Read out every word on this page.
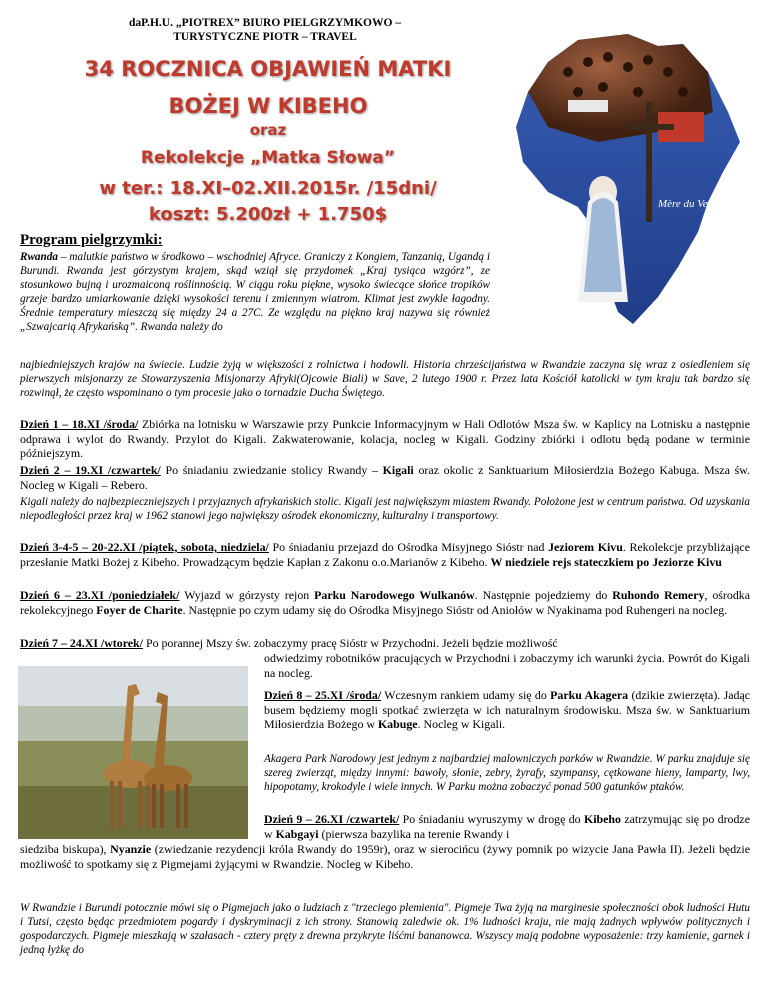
daP.H.U. „PIOTREX” BIURO PIELGRZYMKOWO –
TURYSTYCZNE PIOTR – TRAVEL
34 ROCZNICA OBJAWIEŃ MATKI
BOŻEJ W KIBEHO
oraz
Rekolekcje „Matka Słowa”
w ter.: 18.XI–02.XII.2015r. /15dni/
koszt: 5.200zł + 1.750$	Mère du Verbe
Program pielgrzymki:
Rwanda – malutkie państwo w środkowo – wschodniej Afryce. Graniczy z Kongiem, Tanzanią, Ugandą i Burundi. Rwanda jest górzystym krajem, skąd wziął się przydomek „Kraj tysiąca wzgórz”, ze stosunkowo bujną i urozmaiconą roślinnością. W ciągu roku piękne, wysoko świecące słońce tropików grzeje bardzo umiarkowanie dzięki wysokości terenu i zmiennym wiatrom. Klimat jest zwykle łagodny. Średnie temperatury mieszczą się między 24 a 27C. Ze względu na piękno kraj nazywa się również „Szwajcarią Afrykańską”. Rwanda należy do
najbiedniejszych krajów na świecie. Ludzie żyją w większości z rolnictwa i hodowli. Historia chrześcijaństwa w Rwandzie zaczyna się wraz z osiedleniem się pierwszych misjonarzy ze Stowarzyszenia Misjonarzy Afryki(Ojcowie Biali) w Save, 2 lutego 1900 r. Przez lata Kościół katolicki w tym kraju tak bardzo się rozwinął, że często wspominano o tym procesie jako o tornadzie Ducha Świętego.
Dzień 1 – 18.XI /środa/ Zbiórka na lotnisku w Warszawie przy Punkcie Informacyjnym w Hali Odlotów Msza św. w Kaplicy na Lotnisku a następnie odprawa i wylot do Rwandy. Przylot do Kigali. Zakwaterowanie, kolacja, nocleg w Kigali. Godziny zbiórki i odlotu będą podane w terminie późniejszym.
Dzień 2 – 19.XI /czwartek/ Po śniadaniu zwiedzanie stolicy Rwandy – Kigali oraz okolic z Sanktuarium Miłosierdzia Bożego Kabuga. Msza św. Nocleg w Kigali – Rebero.
Kigali należy do najbezpieczniejszych i przyjaznych afrykańskich stolic. Kigali jest największym miastem Rwandy. Położone jest w centrum państwa. Od uzyskania niepodległości przez kraj w 1962 stanowi jego największy ośrodek ekonomiczny, kulturalny i transportowy.
Dzień 3-4-5 – 20-22.XI /piątek, sobota, niedziela/ Po śniadaniu przejazd do Ośrodka Misyjnego Sióstr nad Jeziorem Kivu. Rekolekcje przybliżające przesłanie Matki Bożej z Kibeho. Prowadzącym będzie Kapłan z Zakonu o.o.Marianów z Kibeho. W niedziele rejs stateczkiem po Jeziorze Kivu
Dzień 6 – 23.XI /poniedziałek/ Wyjazd w górzysty rejon Parku Narodowego Wulkanów. Następnie pojedziemy do Ruhondo Remery, ośrodka rekolekcyjnego Foyer de Charite. Następnie po czym udamy się do Ośrodka Misyjnego Sióstr od Aniołów w Nyakinama pod Ruhengeri na nocleg.
Dzień 7 – 24.XI /wtorek/ Po porannej Mszy św. zobaczymy pracę Sióstr w Przychodni. Jeżeli będzie możliwość
odwiedzimy robotników pracujących w Przychodni i zobaczymy ich warunki życia. Powrót do Kigali na nocleg.
Dzień 8 – 25.XI /środa/ Wczesnym rankiem udamy się do Parku Akagera (dzikie zwierzęta). Jadąc busem będziemy mogli spotkać zwierzęta w ich naturalnym środowisku. Msza św. w Sanktuarium Miłosierdzia Bożego w Kabuge. Nocleg w Kigali.
Akagera Park Narodowy jest jednym z najbardziej malowniczych parków w Rwandzie. W parku znajduje się szereg zwierząt, między innymi: bawoły, słonie, zebry, żyrafy, szympansy, cętkowane hieny, lamparty, lwy, hipopotamy, krokodyle i wiele innych. W Parku można zobaczyć ponad 500 gatunków ptaków.
Dzień 9 – 26.XI /czwartek/ Po śniadaniu wyruszymy w drogę do Kibeho zatrzymując się po drodze w Kabgayi (pierwsza bazylika na terenie Rwandy i
siedziba biskupa), Nyanzie (zwiedzanie rezydencji króla Rwandy do 1959r), oraz w sierocińcu (żywy pomnik po wizycie Jana Pawła II). Jeżeli będzie możliwość to spotkamy się z Pigmejami żyjącymi w Rwandzie. Nocleg w Kibeho.
W Rwandzie i Burundi potocznie mówi się o Pigmejach jako o ludziach z "trzeciego plemienia". Pigmeje Twa żyją na marginesie społeczności obok ludności Hutu i Tutsi, często będąc przedmiotem pogardy i dyskryminacji z ich strony. Stanowią zaledwie ok. 1% ludności kraju, nie mają żadnych wpływów politycznych i gospodarczych. Pigmeje mieszkają w szałasach - cztery pręty z drewna przykryte liśćmi bananowca. Wszyscy mają podobne wyposażenie: trzy kamienie, garnek i jedną łyżkę do
